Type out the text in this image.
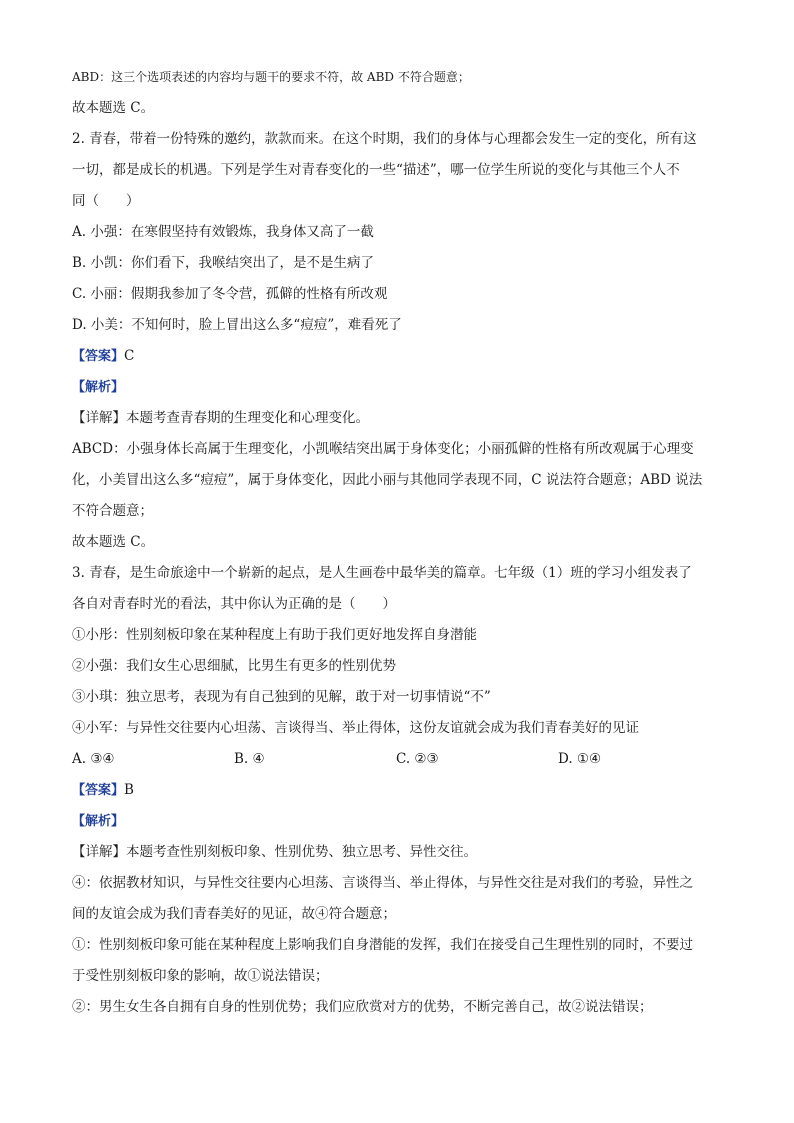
ABD：这三个选项表述的内容均与题干的要求不符，故 ABD 不符合题意；
故本题选 C。
2. 青春，带着一份特殊的邀约，款款而来。在这个时期，我们的身体与心理都会发生一定的变化，所有这
一切，都是成长的机遇。下列是学生对青春变化的一些“描述”，哪一位学生所说的变化与其他三个人不
同（　　）
A. 小强：在寒假坚持有效锻炼，我身体又高了一截
B. 小凯：你们看下，我喉结突出了，是不是生病了
C. 小丽：假期我参加了冬令营，孤僻的性格有所改观
D. 小美：不知何时，脸上冒出这么多“痘痘”，难看死了
【答案】C
【解析】
【详解】本题考查青春期的生理变化和心理变化。
ABCD：小强身体长高属于生理变化，小凯喉结突出属于身体变化；小丽孤僻的性格有所改观属于心理变
化，小美冒出这么多“痘痘”，属于身体变化，因此小丽与其他同学表现不同，C 说法符合题意；ABD 说法
不符合题意；
故本题选 C。
3. 青春，是生命旅途中一个崭新的起点，是人生画卷中最华美的篇章。七年级（1）班的学习小组发表了
各自对青春时光的看法，其中你认为正确的是（　　）
①小彤：性别刻板印象在某种程度上有助于我们更好地发挥自身潜能
②小强：我们女生心思细腻，比男生有更多的性别优势
③小琪：独立思考，表现为有自己独到的见解，敢于对一切事情说“不”
④小军：与异性交往要内心坦荡、言谈得当、举止得体，这份友谊就会成为我们青春美好的见证
A. ③④	B. ④	C. ②③	D. ①④
【答案】B
【解析】
【详解】本题考查性别刻板印象、性别优势、独立思考、异性交往。
④：依据教材知识，与异性交往要内心坦荡、言谈得当、举止得体，与异性交往是对我们的考验，异性之
间的友谊会成为我们青春美好的见证，故④符合题意；
①：性别刻板印象可能在某种程度上影响我们自身潜能的发挥，我们在接受自己生理性别的同时，不要过
于受性别刻板印象的影响，故①说法错误；
②：男生女生各自拥有自身的性别优势；我们应欣赏对方的优势，不断完善自己，故②说法错误；
